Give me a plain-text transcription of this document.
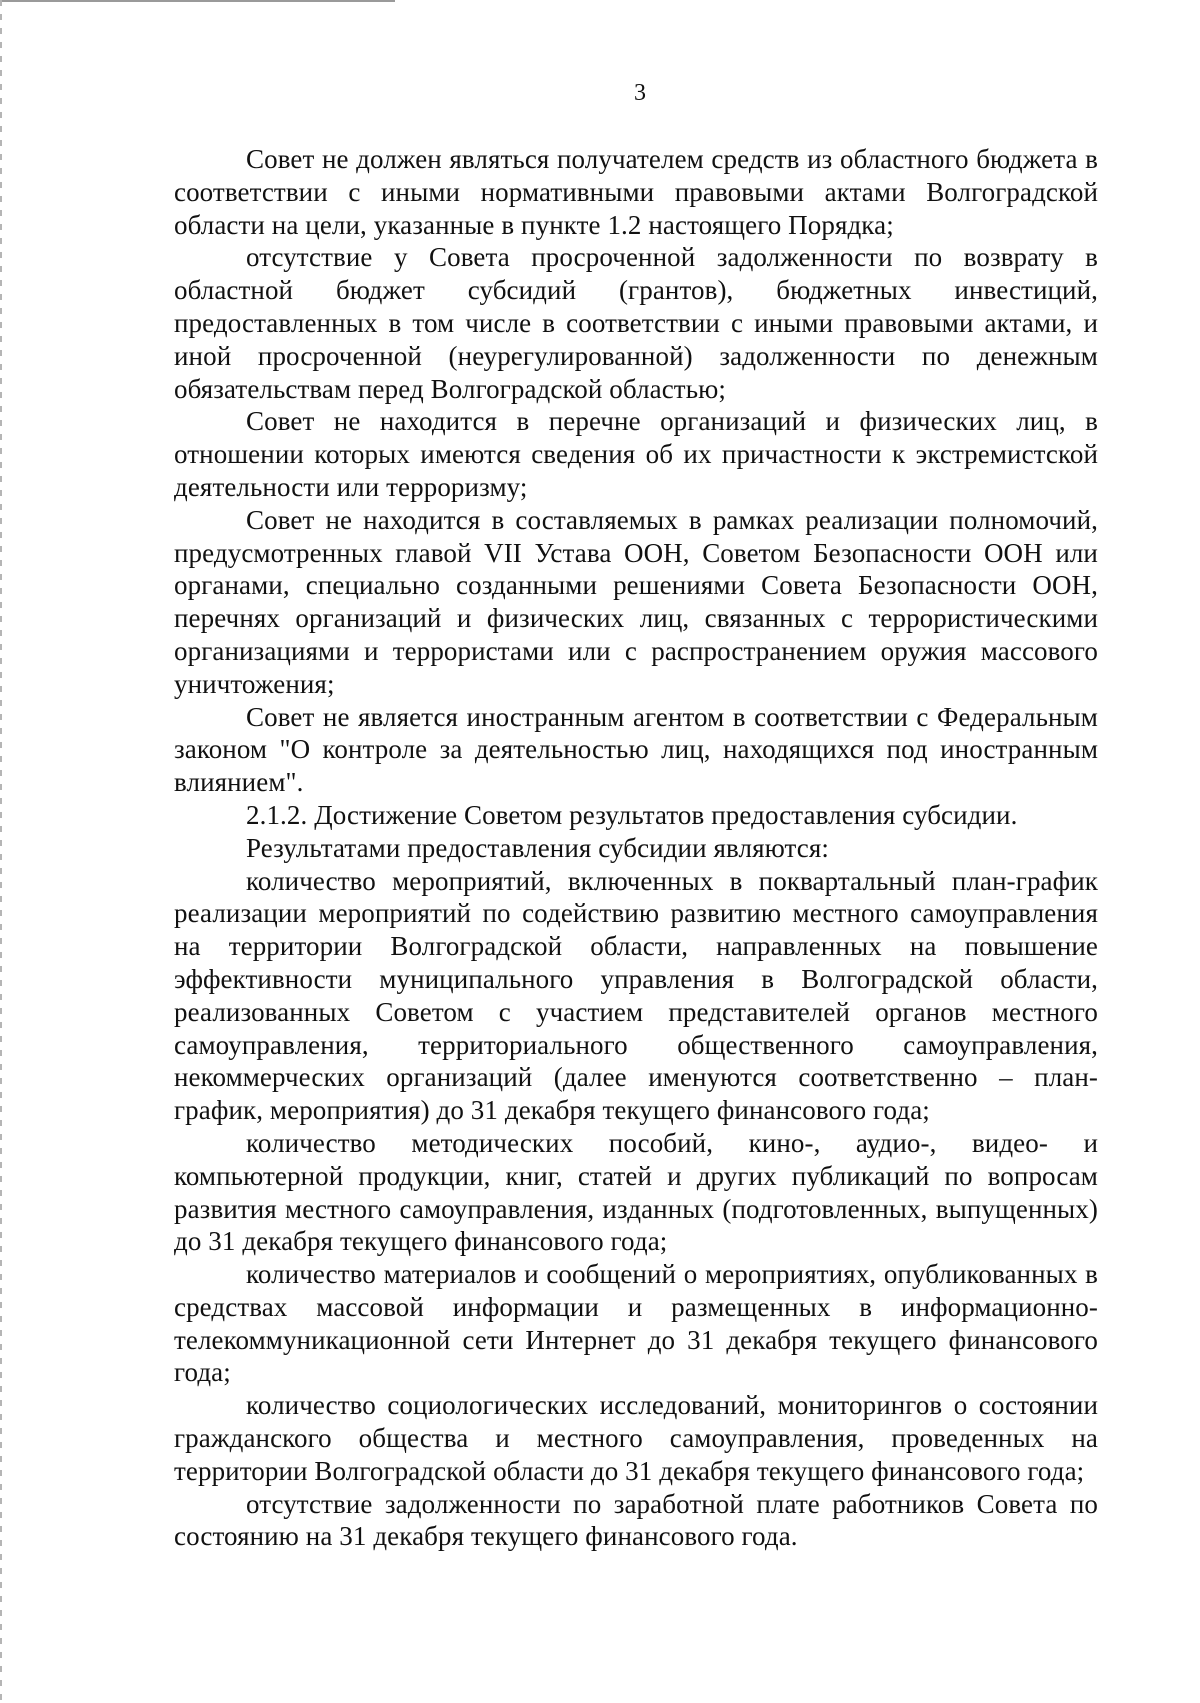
3

Совет не должен являться получателем средств из областного бюджета в соответствии с иными нормативными правовыми актами Волгоградской области на цели, указанные в пункте 1.2 настоящего Порядка;

отсутствие у Совета просроченной задолженности по возврату в областной бюджет субсидий (грантов), бюджетных инвестиций, предоставленных в том числе в соответствии с иными правовыми актами, и иной просроченной (неурегулированной) задолженности по денежным обязательствам перед Волгоградской областью;

Совет не находится в перечне организаций и физических лиц, в отношении которых имеются сведения об их причастности к экстремистской деятельности или терроризму;

Совет не находится в составляемых в рамках реализации полномочий, предусмотренных главой VII Устава ООН, Советом Безопасности ООН или органами, специально созданными решениями Совета Безопасности ООН, перечнях организаций и физических лиц, связанных с террористическими организациями и террористами или с распространением оружия массового уничтожения;

Совет не является иностранным агентом в соответствии с Федеральным законом "О контроле за деятельностью лиц, находящихся под иностранным влиянием".

2.1.2. Достижение Советом результатов предоставления субсидии.

Результатами предоставления субсидии являются:

количество мероприятий, включенных в поквартальный план-график реализации мероприятий по содействию развитию местного самоуправления на территории Волгоградской области, направленных на повышение эффективности муниципального управления в Волгоградской области, реализованных Советом с участием представителей органов местного самоуправления, территориального общественного самоуправления, некоммерческих организаций (далее именуются соответственно – план-график, мероприятия) до 31 декабря текущего финансового года;

количество методических пособий, кино-, аудио-, видео- и компьютерной продукции, книг, статей и других публикаций по вопросам развития местного самоуправления, изданных (подготовленных, выпущенных) до 31 декабря текущего финансового года;

количество материалов и сообщений о мероприятиях, опубликованных в средствах массовой информации и размещенных в информационно-телекоммуникационной сети Интернет до 31 декабря текущего финансового года;

количество социологических исследований, мониторингов о состоянии гражданского общества и местного самоуправления, проведенных на территории Волгоградской области до 31 декабря текущего финансового года;

отсутствие задолженности по заработной плате работников Совета по состоянию на 31 декабря текущего финансового года.
